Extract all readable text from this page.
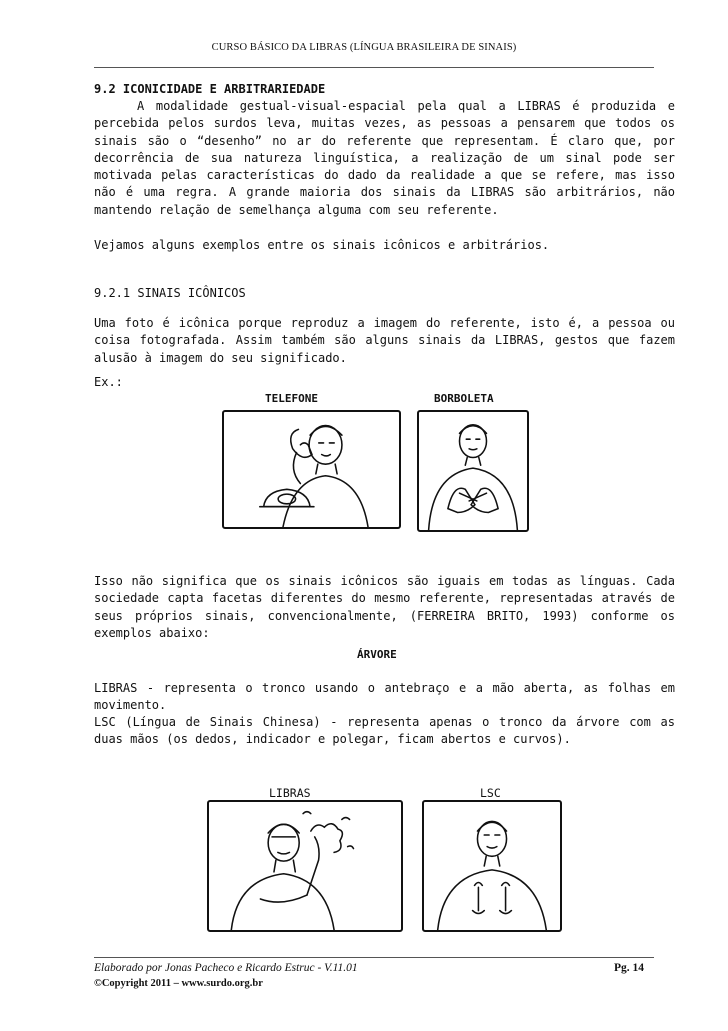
CURSO BÁSICO DA LIBRAS (LÍNGUA BRASILEIRA DE SINAIS)
9.2 ICONICIDADE E ARBITRARIEDADE
A modalidade gestual-visual-espacial pela qual a LIBRAS é produzida e percebida pelos surdos leva, muitas vezes, as pessoas a pensarem que todos os sinais são o “desenho” no ar do referente que representam. É claro que, por decorrência de sua natureza linguística, a realização de um sinal pode ser motivada pelas características do dado da realidade a que se refere, mas isso não é uma regra. A grande maioria dos sinais da LIBRAS são arbitrários, não mantendo relação de semelhança alguma com seu referente.
Vejamos alguns exemplos entre os sinais icônicos e arbitrários.
9.2.1 SINAIS ICÔNICOS
Uma foto é icônica porque reproduz a imagem do referente, isto é, a pessoa ou coisa fotografada. Assim também são alguns sinais da LIBRAS, gestos que fazem alusão à imagem do seu significado.
Ex.:
TELEFONE	BORBOLETA
Isso não significa que os sinais icônicos são iguais em todas as línguas. Cada sociedade capta facetas diferentes do mesmo referente, representadas através de seus próprios sinais, convencionalmente, (FERREIRA BRITO, 1993) conforme os exemplos abaixo:
ÁRVORE
LIBRAS - representa o tronco usando o antebraço e a mão aberta, as folhas em movimento.
LSC (Língua de Sinais Chinesa) - representa apenas o tronco da árvore com as duas mãos (os dedos, indicador e polegar, ficam abertos e curvos).
LIBRAS	LSC
Elaborado por Jonas Pacheco e Ricardo Estruc - V.11.01	Pg. 14
©Copyright 2011 – www.surdo.org.br
